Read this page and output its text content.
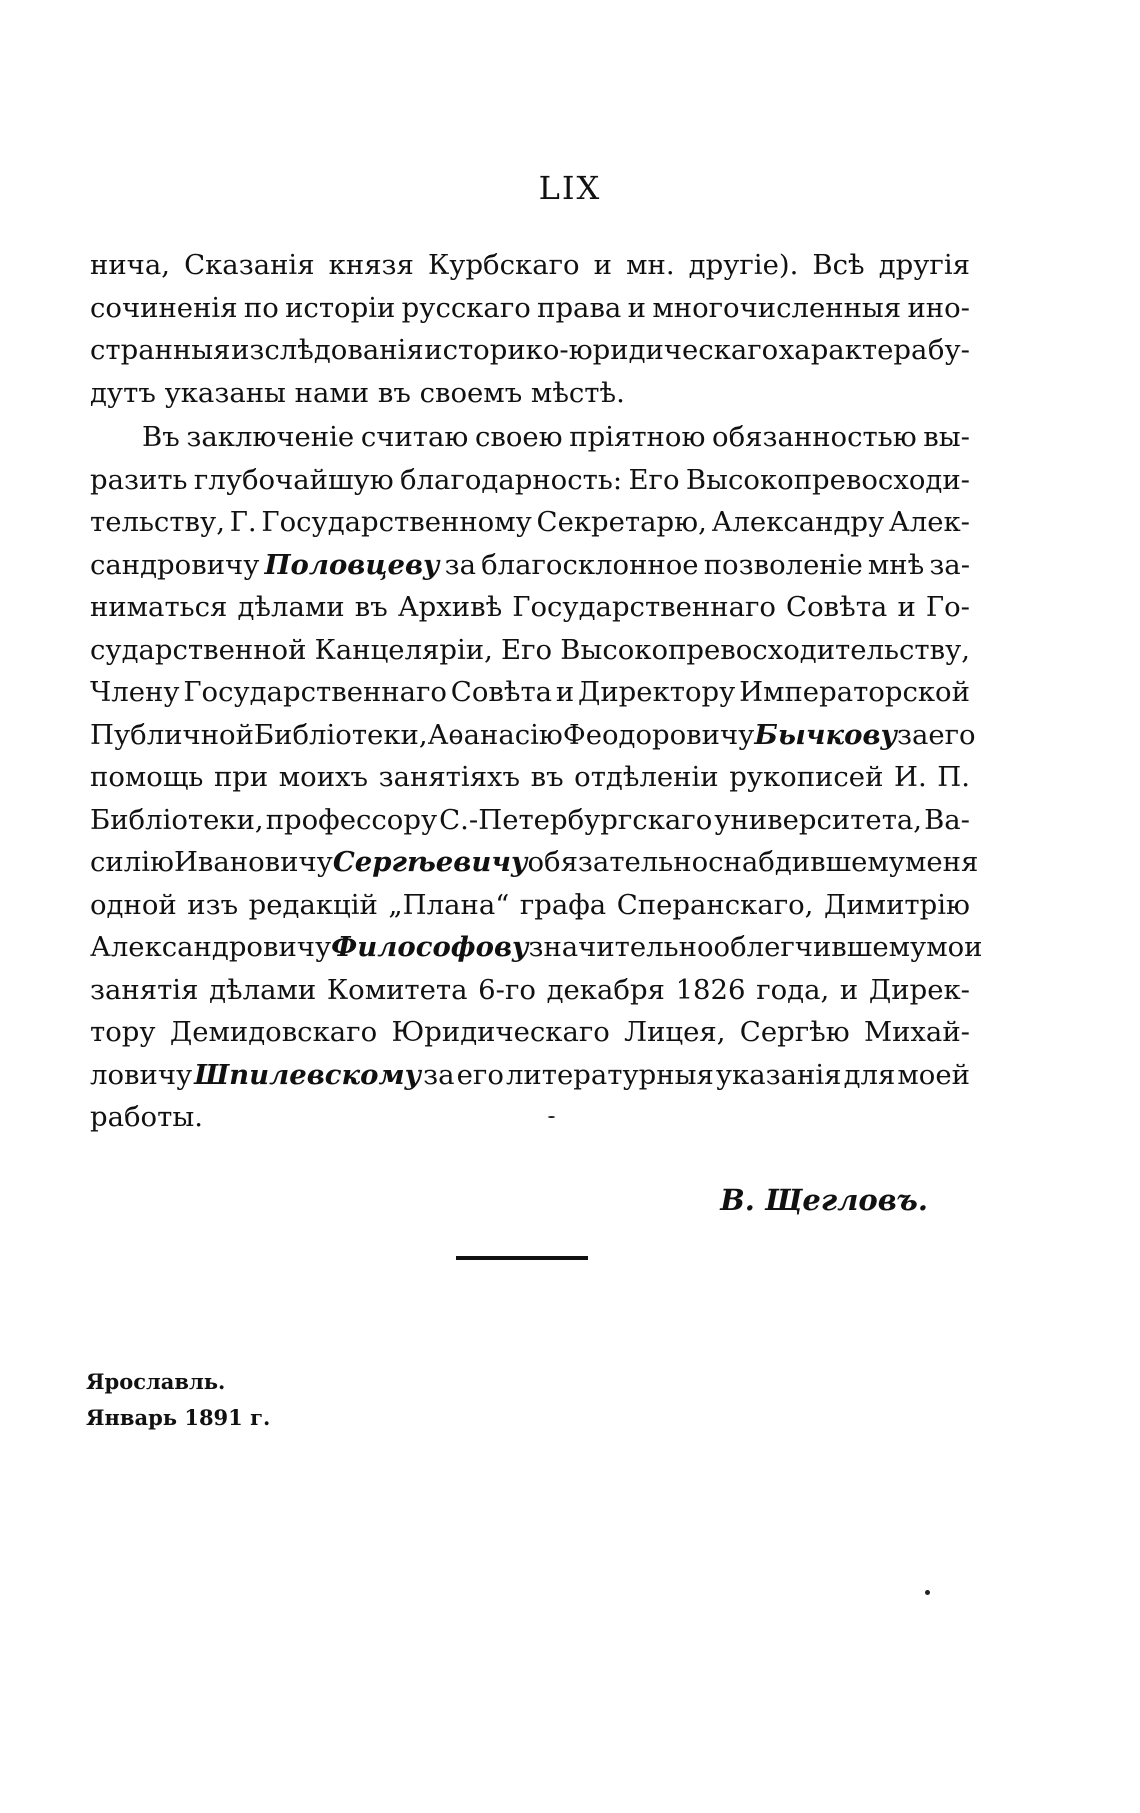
LIX
нича, Сказанія князя Курбскаго и мн. другіе). Всѣ другія
сочиненія по исторіи русскаго права и многочисленныя ино-
странныя изслѣдованія историко-юридическаго характера бу-
дутъ указаны нами въ своемъ мѣстѣ.
Въ заключеніе считаю своею пріятною обязанностью вы-
разить глубочайшую благодарность: Его Высокопревосходи-
тельству, Г. Государственному Секретарю, Александру Алек-
сандровичу Половцеву за благосклонное позволеніе мнѣ за-
ниматься дѣлами въ Архивѣ Государственнаго Совѣта и Го-
сударственной Канцеляріи, Его Высокопревосходительству,
Члену Государственнаго Совѣта и Директору Императорской
Публичной Библіотеки, Аѳанасію Феодоровичу Бычкову за его
помощь при моихъ занятіяхъ въ отдѣленіи рукописей И. П.
Библіотеки, профессору С.-Петербургскаго университета, Ва-
силію Ивановичу Сергѣевичу обязательно снабдившему меня
одной изъ редакцій „Плана“ графа Сперанскаго, Димитрію
Александровичу Философову значительно облегчившему мои
занятія дѣлами Комитета 6-го декабря 1826 года, и Дирек-
тору Демидовскаго Юридическаго Лицея, Сергѣю Михай-
ловичу Шпилевскому за его литературныя указанія для моей
работы.
В. Щегловъ.
Ярославль.
Январь 1891 г.
